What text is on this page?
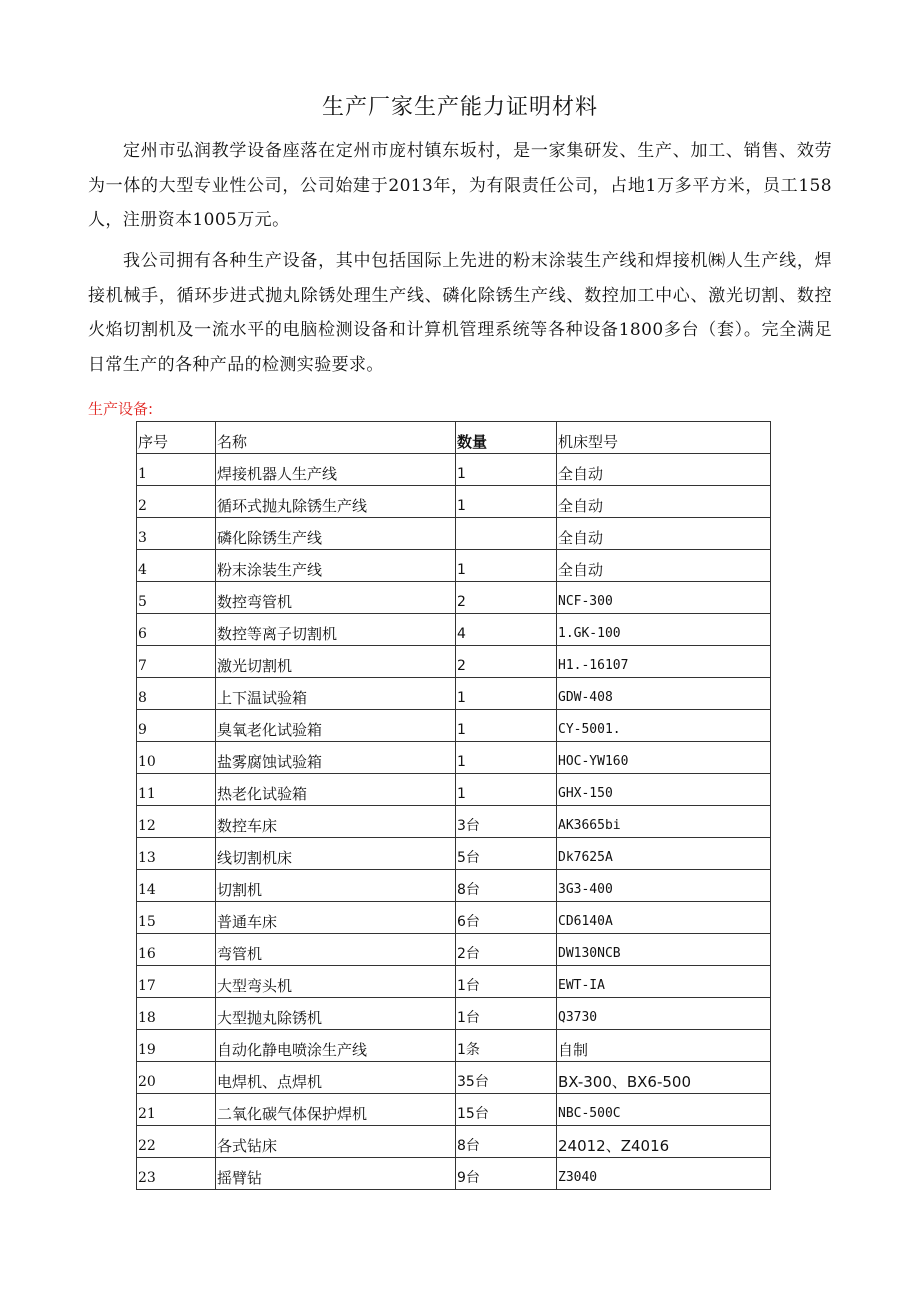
生产厂家生产能力证明材料

定州市弘润教学设备座落在定州市庞村镇东坂村，是一家集研发、生产、加工、销售、效劳为一体的大型专业性公司，公司始建于2013年，为有限责任公司，占地1万多平方米，员工158人，注册资本1005万元。

我公司拥有各种生产设备，其中包括国际上先进的粉末涂装生产线和焊接机㈱人生产线，焊接机械手，循环步进式抛丸除锈处理生产线、磷化除锈生产线、数控加工中心、激光切割、数控火焰切割机及一流水平的电脑检测设备和计算机管理系统等各种设备1800多台（套）。完全满足日常生产的各种产品的检测实验要求。

生产设备:
序号	名称	数量	机床型号
1	焊接机器人生产线	1	全自动
2	循环式抛丸除锈生产线	1	全自动
3	磷化除锈生产线		全自动
4	粉末涂装生产线	1	全自动
5	数控弯管机	2	NCF-300
6	数控等离子切割机	4	1.GK-100
7	激光切割机	2	H1.-16107
8	上下温试验箱	1	GDW-408
9	臭氧老化试验箱	1	CY-5001.
10	盐雾腐蚀试验箱	1	HOC-YW160
11	热老化试验箱	1	GHX-150
12	数控车床	3台	AK3665bi
13	线切割机床	5台	Dk7625A
14	切割机	8台	3G3-400
15	普通车床	6台	CD6140A
16	弯管机	2台	DW130NCB
17	大型弯头机	1台	EWT-IA
18	大型抛丸除锈机	1台	Q3730
19	自动化静电喷涂生产线	1条	自制
20	电焊机、点焊机	35台	BX-300、BX6-500
21	二氧化碳气体保护焊机	15台	NBC-500C
22	各式钻床	8台	24012、Z4016
23	摇臂钻	9台	Z3040
